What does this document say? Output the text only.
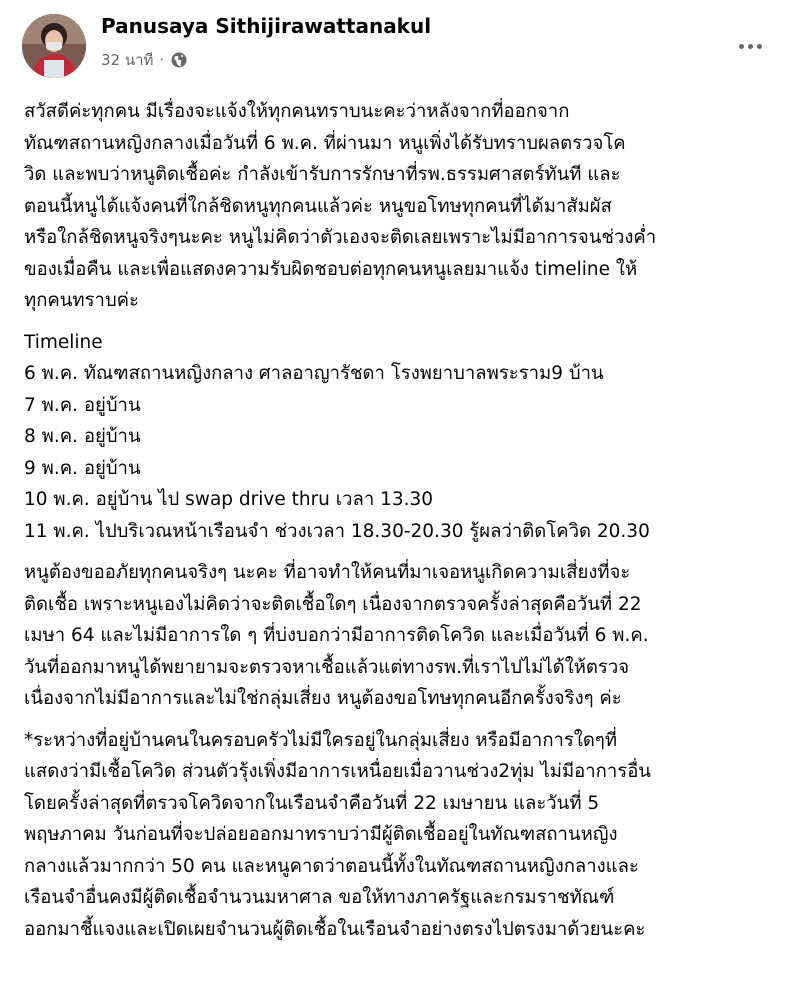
Panusaya Sithijirawattanakul
32 นาที ·
สวัสดีค่ะทุกคน มีเรื่องจะแจ้งให้ทุกคนทราบนะคะว่าหลังจากที่ออกจาก
ทัณฑสถานหญิงกลางเมื่อวันที่ 6 พ.ค. ที่ผ่านมา หนูเพิ่งได้รับทราบผลตรวจโค
วิด และพบว่าหนูติดเชื้อค่ะ กำลังเข้ารับการรักษาที่รพ.ธรรมศาสตร์ทันที และ
ตอนนี้หนูได้แจ้งคนที่ใกล้ชิดหนูทุกคนแล้วค่ะ หนูขอโทษทุกคนที่ได้มาสัมผัส
หรือใกล้ชิดหนูจริงๆนะคะ หนูไม่คิดว่าตัวเองจะติดเลยเพราะไม่มีอาการจนช่วงค่ำ
ของเมื่อคืน และเพื่อแสดงความรับผิดชอบต่อทุกคนหนูเลยมาแจ้ง timeline ให้
ทุกคนทราบค่ะ
Timeline
6 พ.ค. ทัณฑสถานหญิงกลาง ศาลอาญารัชดา โรงพยาบาลพระราม9 บ้าน
7 พ.ค. อยู่บ้าน
8 พ.ค. อยู่บ้าน
9 พ.ค. อยู่บ้าน
10 พ.ค. อยู่บ้าน ไป swap drive thru เวลา 13.30
11 พ.ค. ไปบริเวณหน้าเรือนจำ ช่วงเวลา 18.30-20.30 รู้ผลว่าติดโควิด 20.30
หนูต้องขออภัยทุกคนจริงๆ นะคะ ที่อาจทำให้คนที่มาเจอหนูเกิดความเสี่ยงที่จะ
ติดเชื้อ เพราะหนูเองไม่คิดว่าจะติดเชื้อใดๆ เนื่องจากตรวจครั้งล่าสุดคือวันที่ 22
เมษา 64 และไม่มีอาการใด ๆ ที่บ่งบอกว่ามีอาการติดโควิด และเมื่อวันที่ 6 พ.ค.
วันที่ออกมาหนูได้พยายามจะตรวจหาเชื้อแล้วแต่ทางรพ.ที่เราไปไม่ได้ให้ตรวจ
เนื่องจากไม่มีอาการและไม่ใช่กลุ่มเสี่ยง หนูต้องขอโทษทุกคนอีกครั้งจริงๆ ค่ะ
*ระหว่างที่อยู่บ้านคนในครอบครัวไม่มีใครอยู่ในกลุ่มเสี่ยง หรือมีอาการใดๆที่
แสดงว่ามีเชื้อโควิด ส่วนตัวรุ้งเพิ่งมีอาการเหนื่อยเมื่อวานช่วง2ทุ่ม ไม่มีอาการอื่น
โดยครั้งล่าสุดที่ตรวจโควิดจากในเรือนจำคือวันที่ 22 เมษายน และวันที่ 5
พฤษภาคม วันก่อนที่จะปล่อยออกมาทราบว่ามีผู้ติดเชื้ออยู่ในทัณฑสถานหญิง
กลางแล้วมากกว่า 50 คน และหนูคาดว่าตอนนี้ทั้งในทัณฑสถานหญิงกลางและ
เรือนจำอื่นคงมีผู้ติดเชื้อจำนวนมหาศาล ขอให้ทางภาครัฐและกรมราชทัณฑ์
ออกมาชี้แจงและเปิดเผยจำนวนผู้ติดเชื้อในเรือนจำอย่างตรงไปตรงมาด้วยนะคะ
